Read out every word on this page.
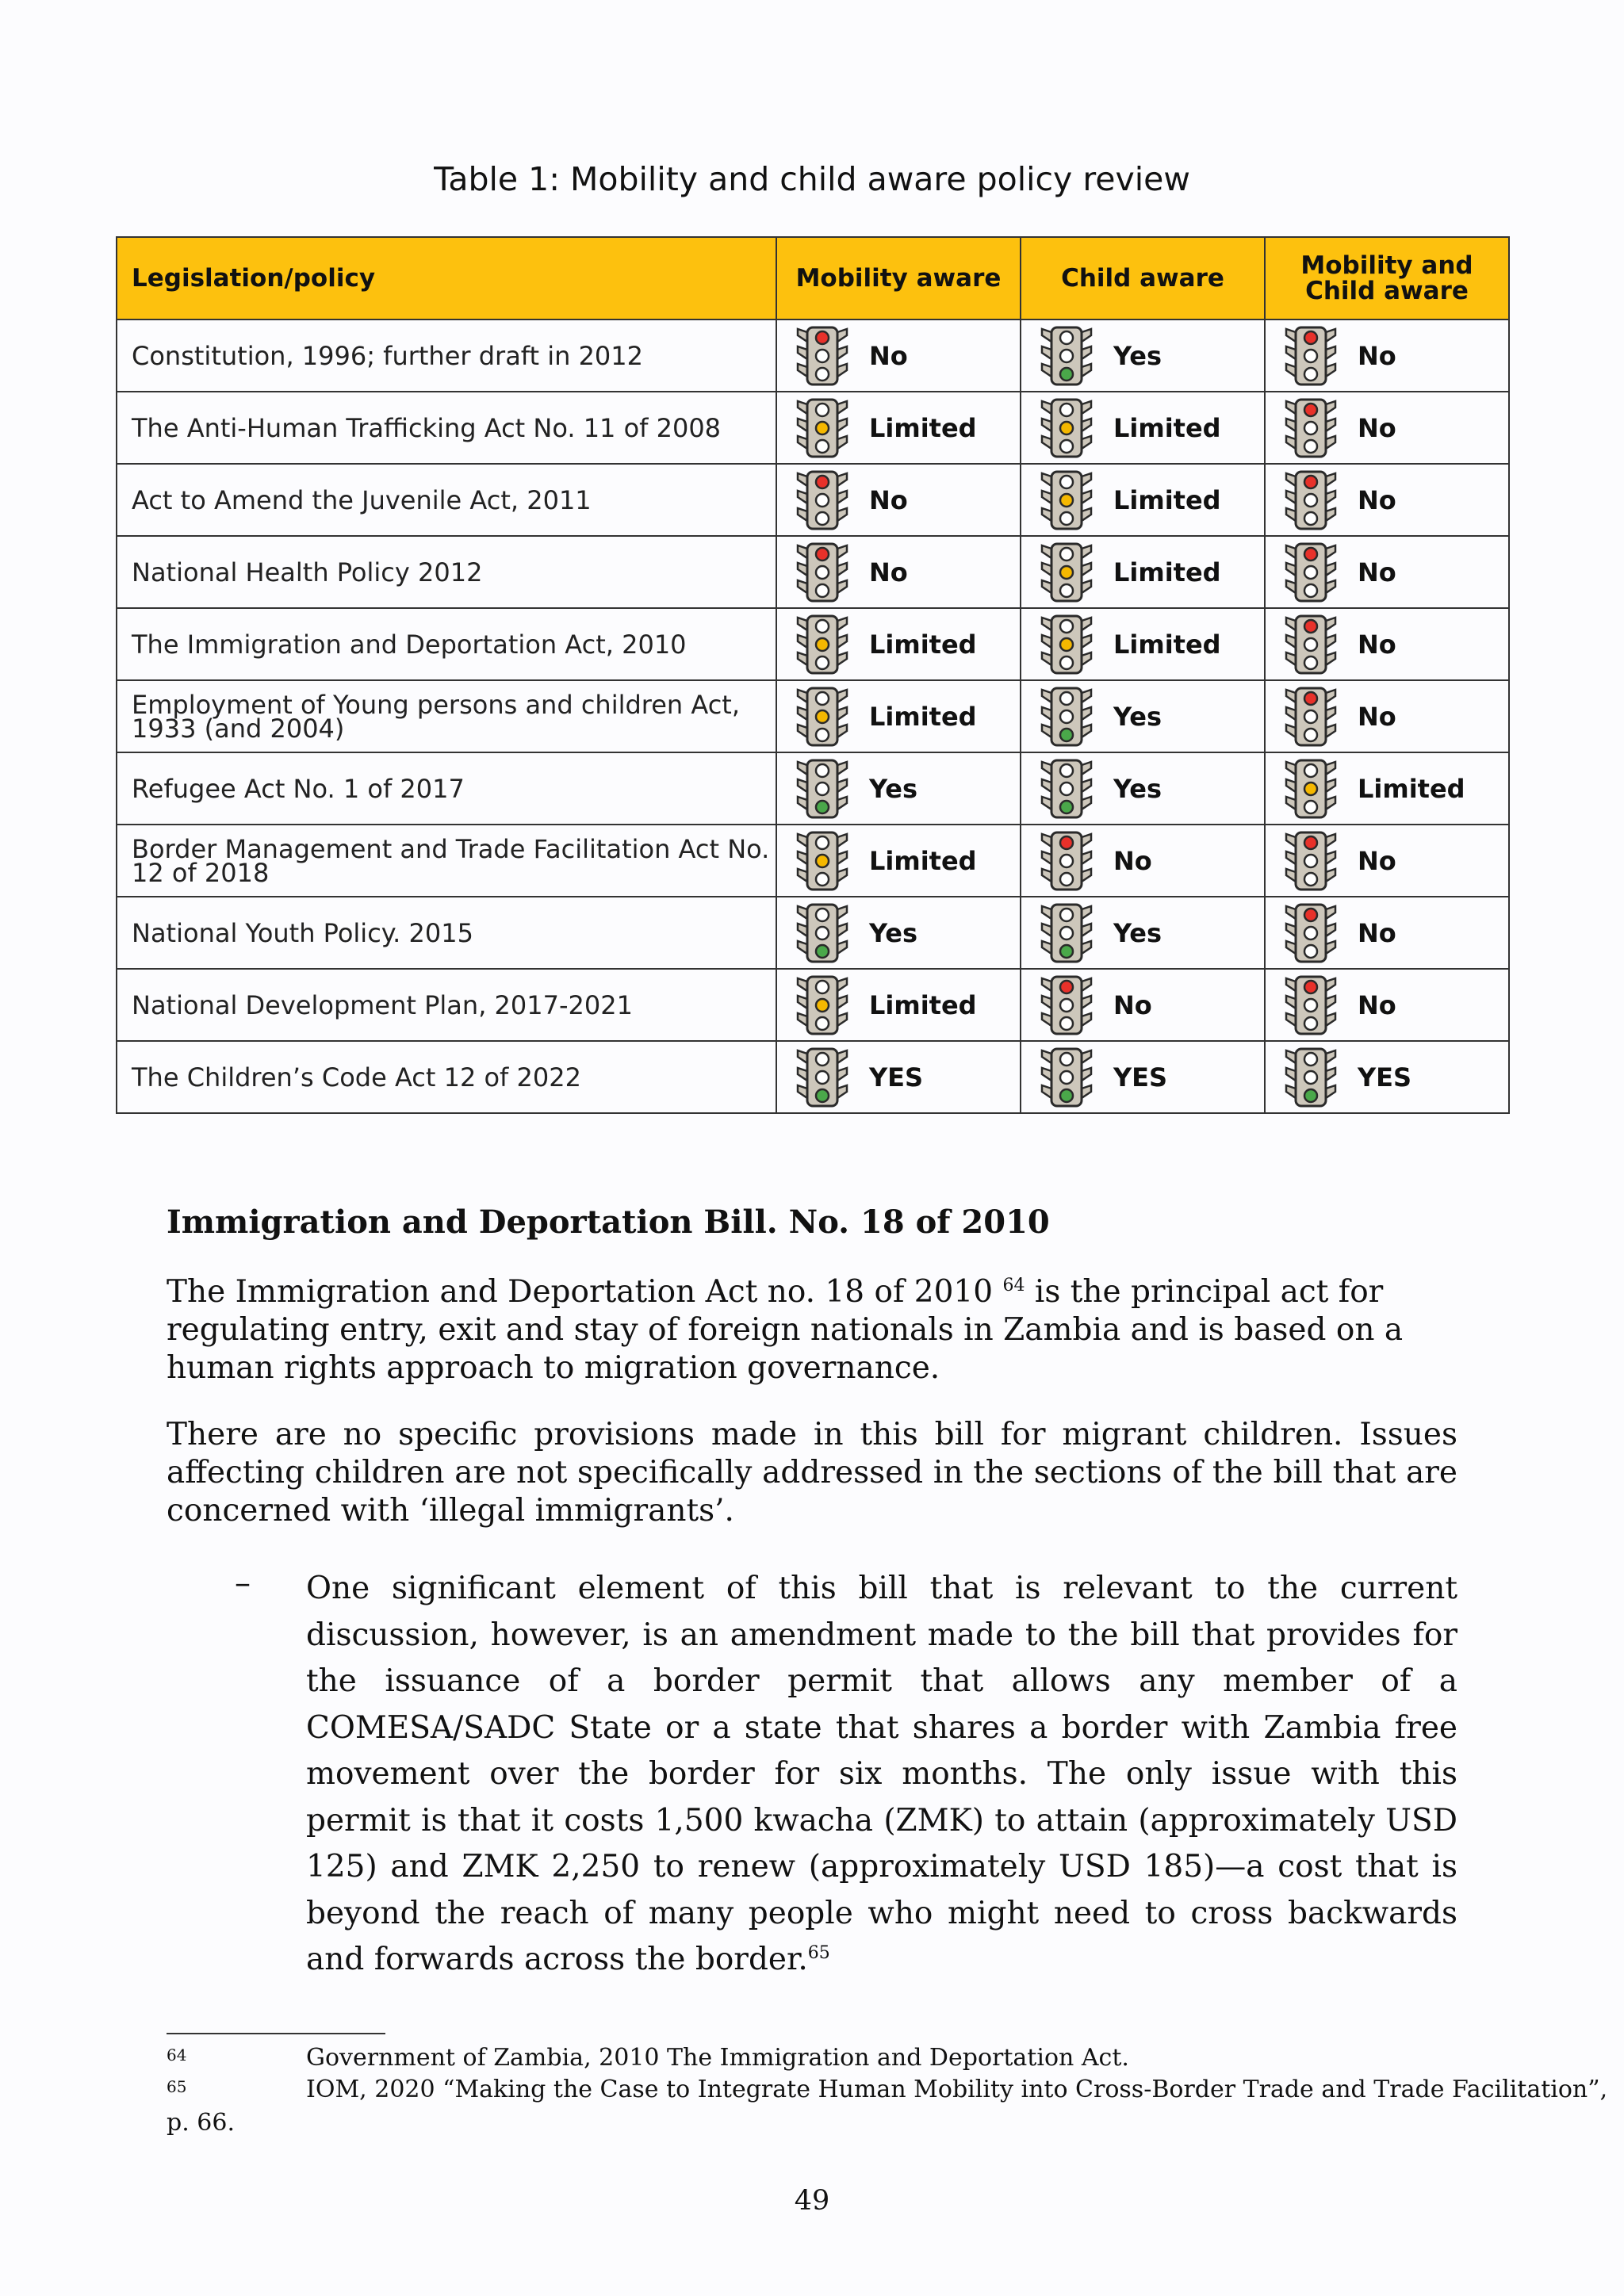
Table 1: Mobility and child aware policy review
Legislation/policy	Mobility aware	Child aware	Mobility and
Child aware

Constitution, 1996; further draft in 2012	No	Yes	No

The Anti-Human Trafficking Act No. 11 of 2008	Limited	Limited	No

Act to Amend the Juvenile Act, 2011	No	Limited	No

National Health Policy 2012	No	Limited	No

The Immigration and Deportation Act, 2010	Limited	Limited	No

Employment of Young persons and children Act, 1933 (and 2004)	Limited	Yes	No

Refugee Act No. 1 of 2017	Yes	Yes	Limited

Border Management and Trade Facilitation Act No. 12 of 2018	Limited	No	No

National Youth Policy. 2015	Yes	Yes	No

National Development Plan, 2017-2021	Limited	No	No

The Children’s Code Act 12 of 2022	YES	YES	YES
Immigration and Deportation Bill. No. 18 of 2010
The Immigration and Deportation Act no. 18 of 2010 $^{64}$ is the principal act for regulating entry, exit and stay of foreign nationals in Zambia and is based on a human rights approach to migration governance.
There are no specific provisions made in this bill for migrant children. Issues affecting children are not specifically addressed in the sections of the bill that are concerned with ‘illegal immigrants’.
– One significant element of this bill that is relevant to the current discussion, however, is an amendment made to the bill that provides for the issuance of a border permit that allows any member of a COMESA/SADC State or a state that shares a border with Zambia free movement over the border for six months. The only issue with this permit is that it costs 1,500 kwacha (ZMK) to attain (approximately USD 125) and ZMK 2,250 to renew (approximately USD 185)—a cost that is beyond the reach of many people who might need to cross backwards and forwards across the border.$^{65}$
64	Government of Zambia, 2010 The Immigration and Deportation Act.
65	IOM, 2020 “Making the Case to Integrate Human Mobility into Cross-Border Trade and Trade Facilitation”,
p. 66.
49
